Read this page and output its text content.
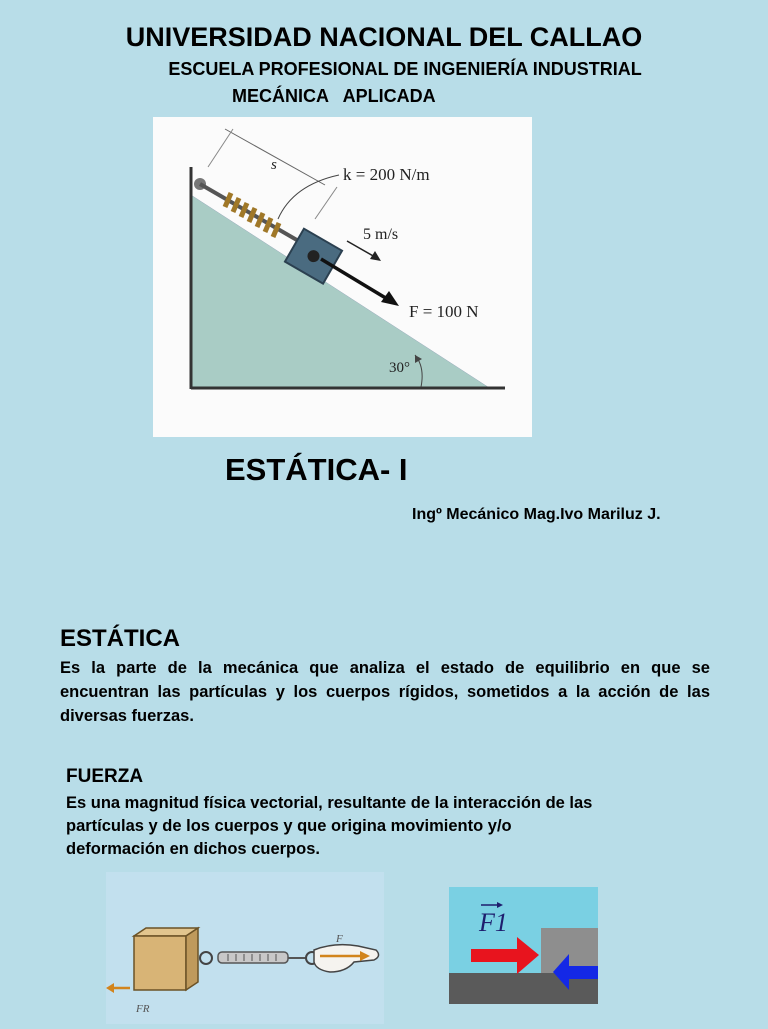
UNIVERSIDAD NACIONAL DEL CALLAO
ESCUELA PROFESIONAL DE INGENIERÍA INDUSTRIAL
MECÁNICA   APLICADA
s	k = 200 N/m
F = 100 N
5 m/s
30°
ESTÁTICA- I
Ingº Mecánico Mag.Ivo Mariluz J.
ESTÁTICA
Es la parte de la mecánica que analiza el estado de equilibrio en que se encuentran las partículas y los cuerpos rígidos, sometidos a la acción de las diversas fuerzas.
FUERZA
Es una magnitud física vectorial, resultante de la interacción de las
partículas y de los cuerpos y que origina movimiento y/o
deformación en dichos cuerpos.
F
FR
F1
